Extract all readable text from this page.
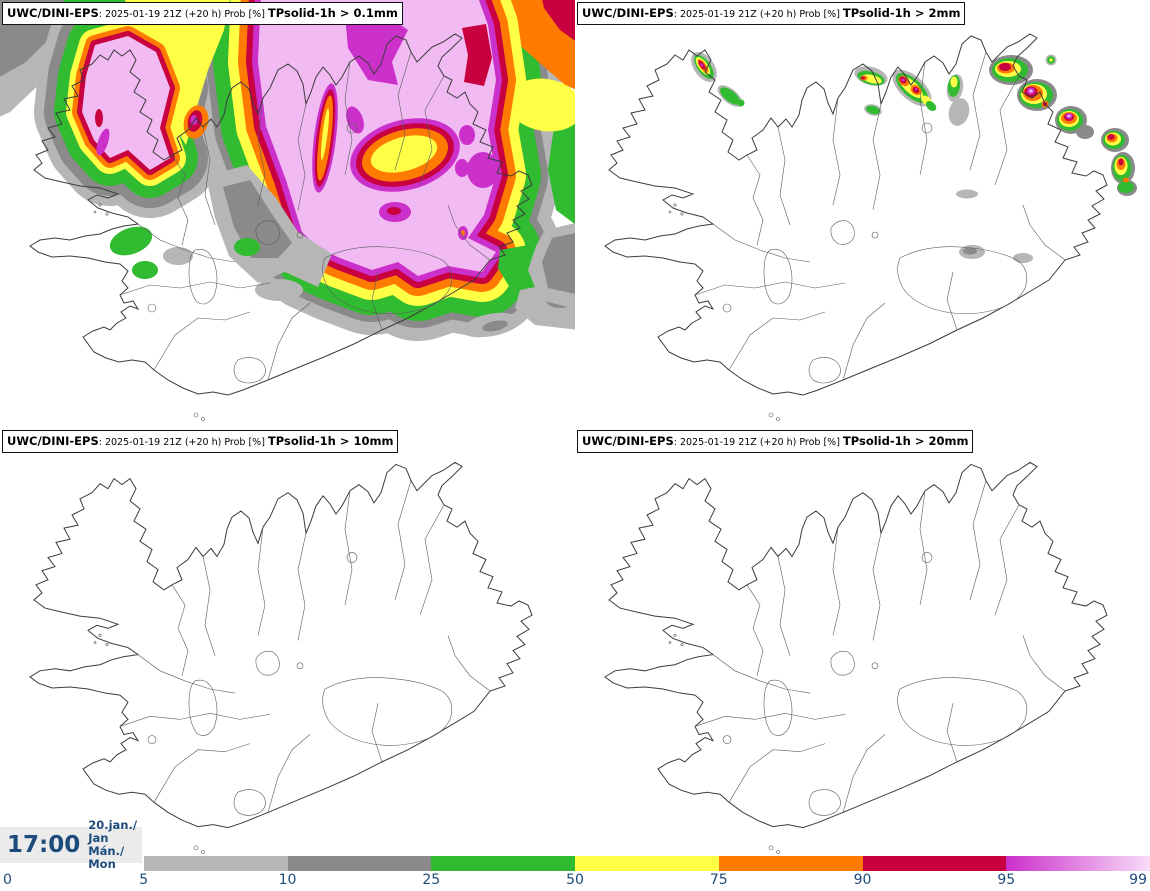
UWC/DINI-EPS: 2025-01-19 21Z (+20 h) Prob [%] TPsolid-1h > 0.1mm	UWC/DINI-EPS: 2025-01-19 21Z (+20 h) Prob [%] TPsolid-1h > 2mm
UWC/DINI-EPS: 2025-01-19 21Z (+20 h) Prob [%] TPsolid-1h > 10mm	UWC/DINI-EPS: 2025-01-19 21Z (+20 h) Prob [%] TPsolid-1h > 20mm
17:00
20.jan./ Jan
Mán./ Mon
0	5	10	25	50	75	90	95	99
